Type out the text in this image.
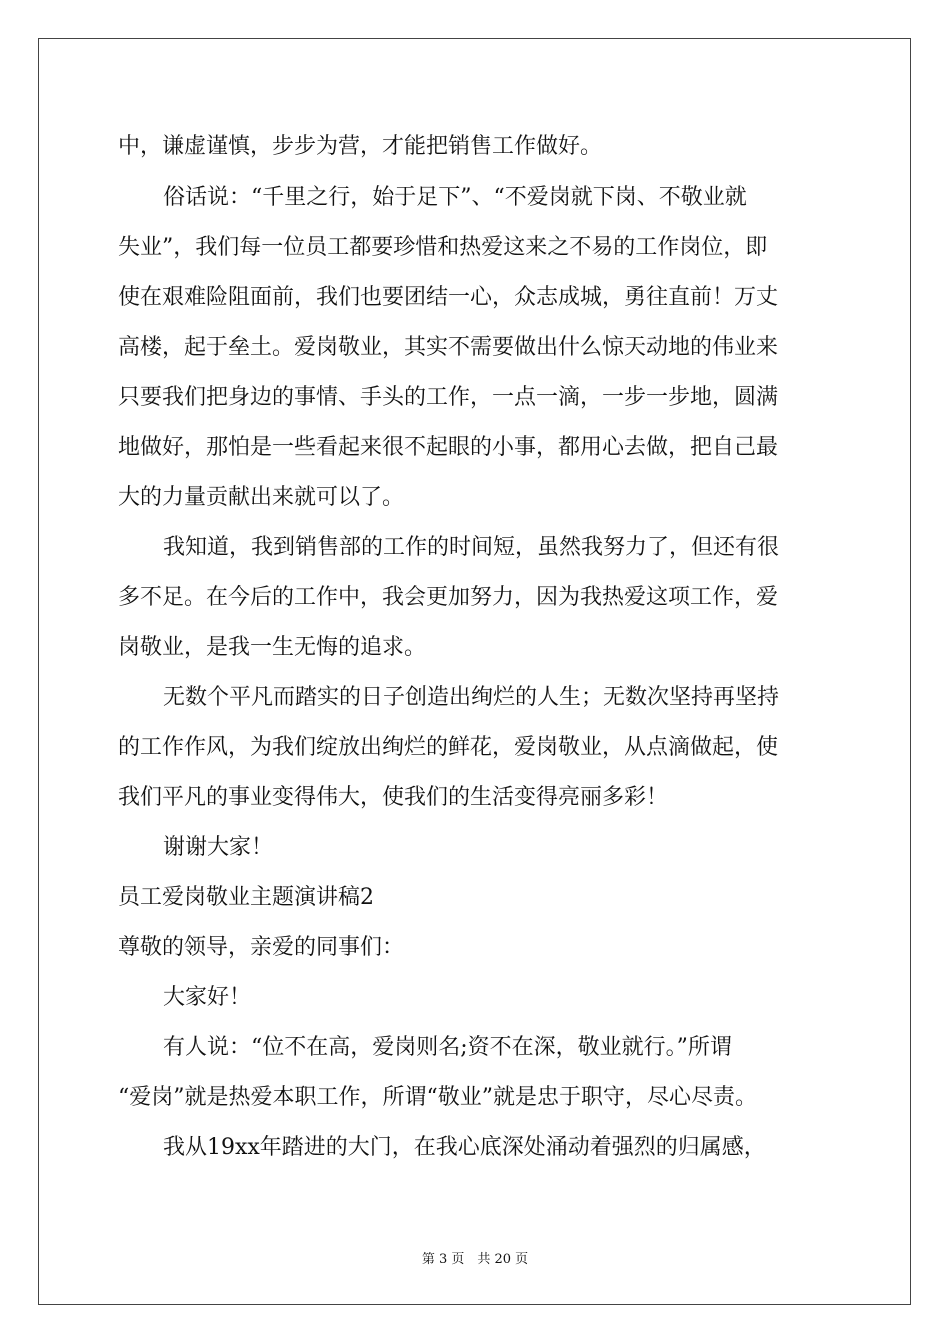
中，谦虚谨慎，步步为营，才能把销售工作做好。
俗话说：“千里之行，始于足下”、“不爱岗就下岗、不敬业就
失业”，我们每一位员工都要珍惜和热爱这来之不易的工作岗位，即
使在艰难险阻面前，我们也要团结一心，众志成城，勇往直前！万丈
高楼，起于垒土。爱岗敬业，其实不需要做出什么惊天动地的伟业来
只要我们把身边的事情、手头的工作，一点一滴，一步一步地，圆满
地做好，那怕是一些看起来很不起眼的小事，都用心去做，把自己最
大的力量贡献出来就可以了。
我知道，我到销售部的工作的时间短，虽然我努力了，但还有很
多不足。在今后的工作中，我会更加努力，因为我热爱这项工作，爱
岗敬业，是我一生无悔的追求。
无数个平凡而踏实的日子创造出绚烂的人生；无数次坚持再坚持
的工作作风，为我们绽放出绚烂的鲜花，爱岗敬业，从点滴做起，使
我们平凡的事业变得伟大，使我们的生活变得亮丽多彩！
谢谢大家！
员工爱岗敬业主题演讲稿2
尊敬的领导，亲爱的同事们：
大家好！
有人说：“位不在高，爱岗则名;资不在深，敬业就行。”所谓
“爱岗”就是热爱本职工作，所谓“敬业”就是忠于职守，尽心尽责。
我从19xx年踏进的大门，在我心底深处涌动着强烈的归属感，
第 3 页　共 20 页
